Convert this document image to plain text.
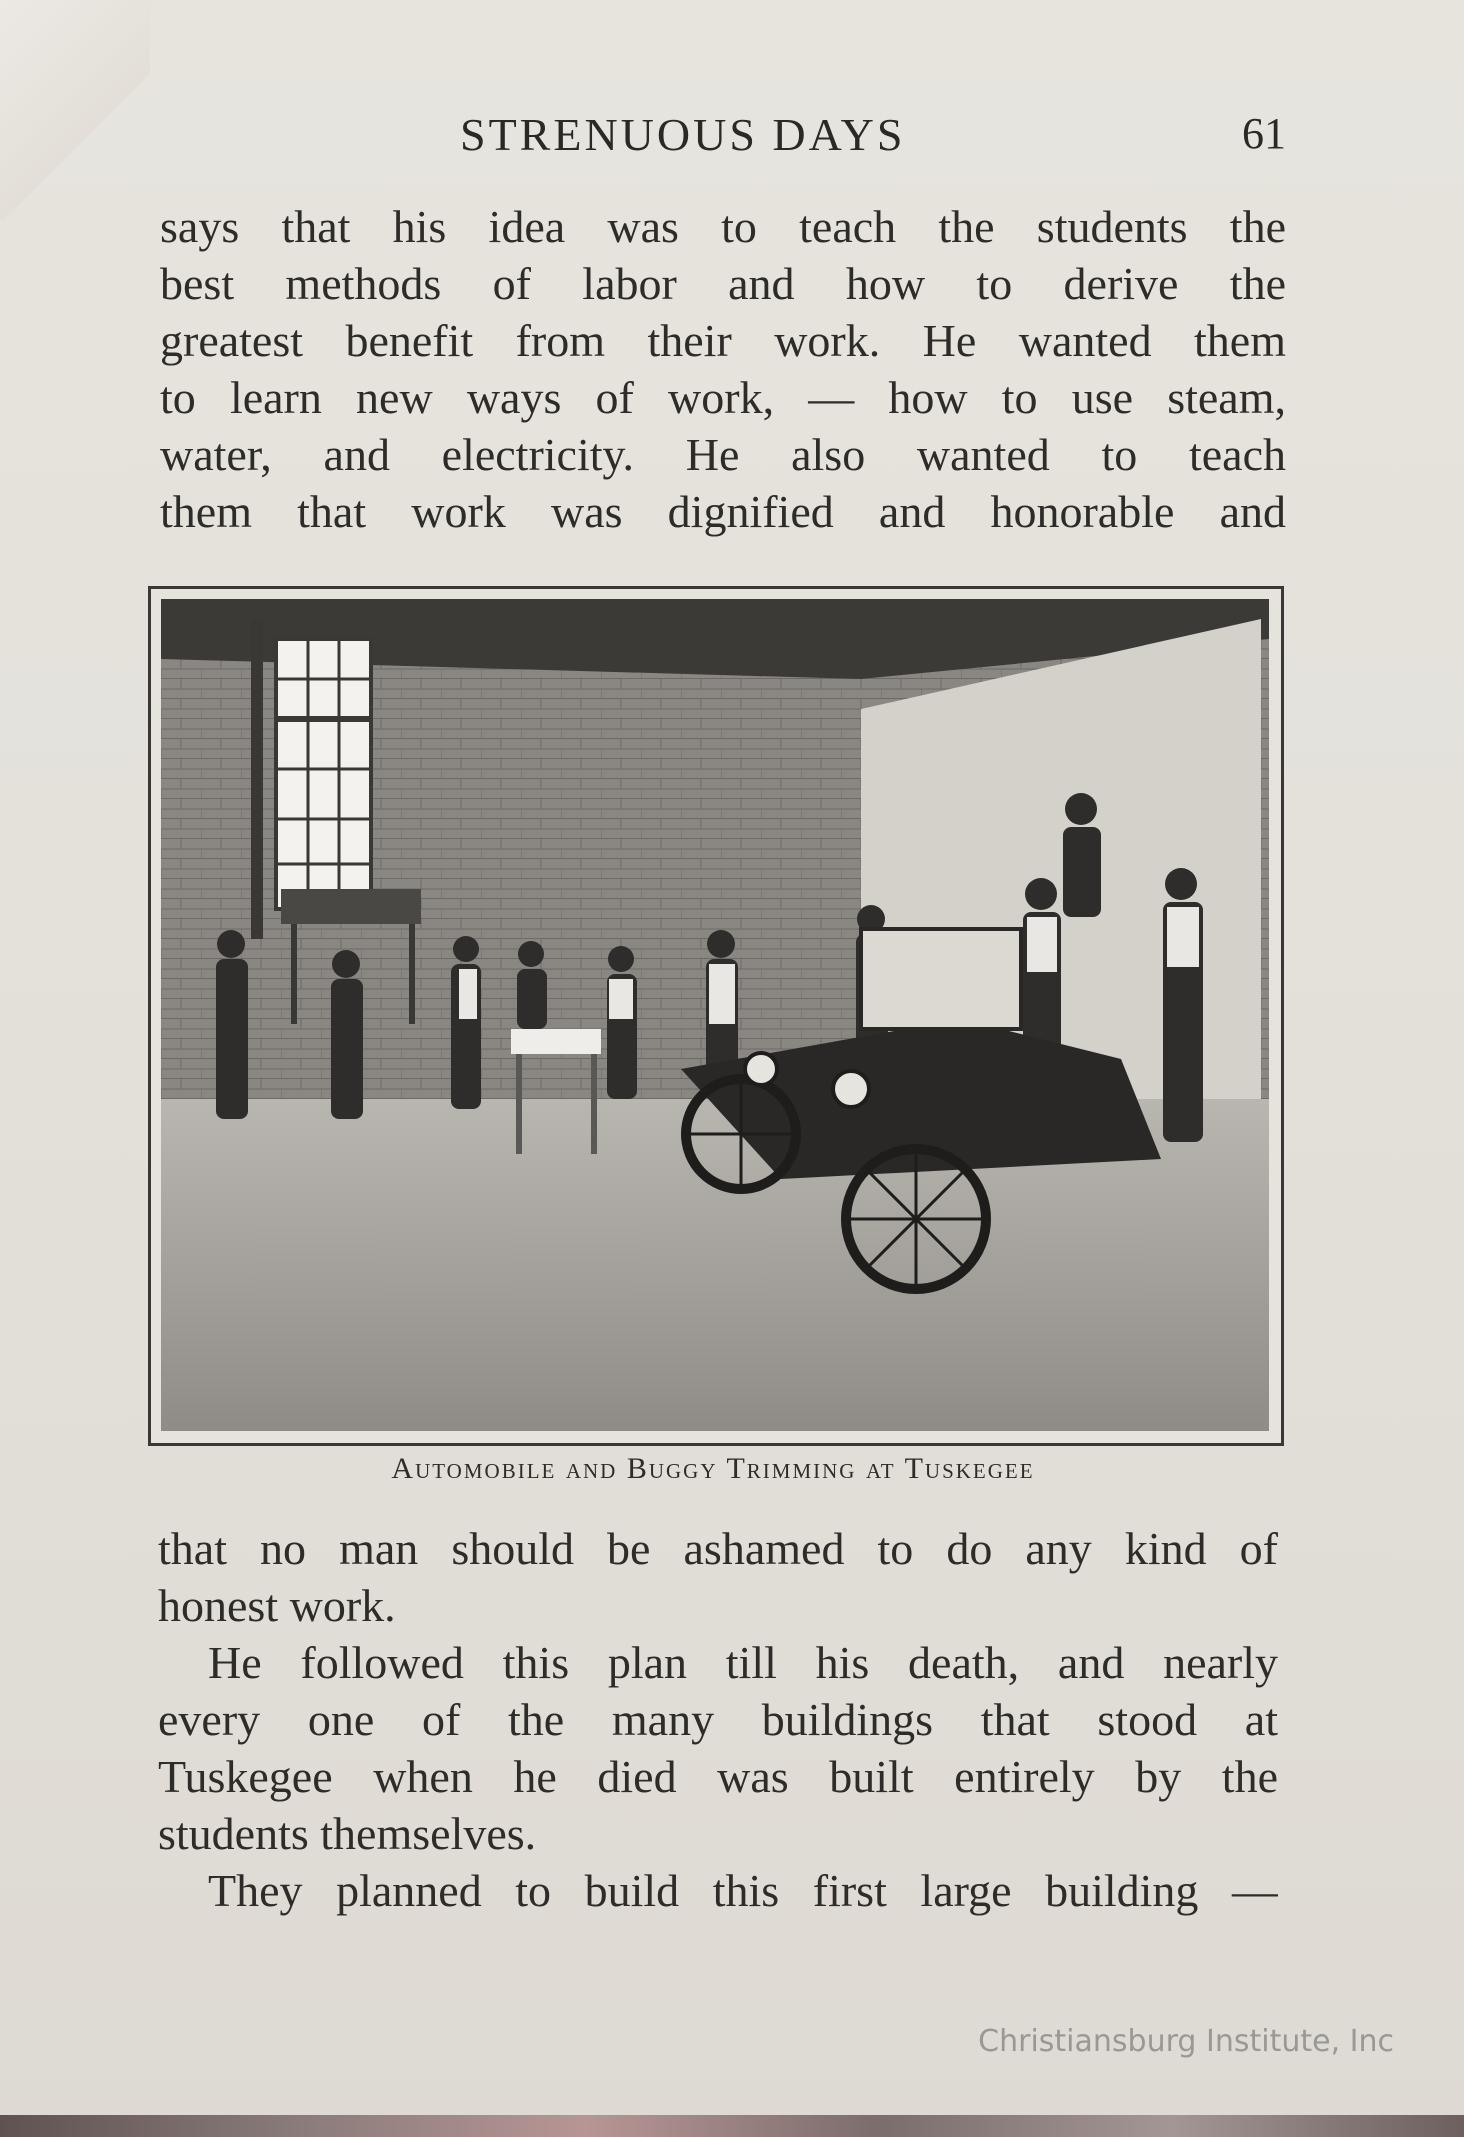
STRENUOUS DAYS	61
says that his idea was to teach the students the
best methods of labor and how to derive the
greatest benefit from their work. He wanted them
to learn new ways of work, — how to use steam,
water, and electricity. He also wanted to teach
them that work was dignified and honorable and
Automobile and Buggy Trimming at Tuskegee
that no man should be ashamed to do any kind of
honest work.
He followed this plan till his death, and nearly
every one of the many buildings that stood at
Tuskegee when he died was built entirely by the
students themselves.
They planned to build this first large building —
Christiansburg Institute, Inc
